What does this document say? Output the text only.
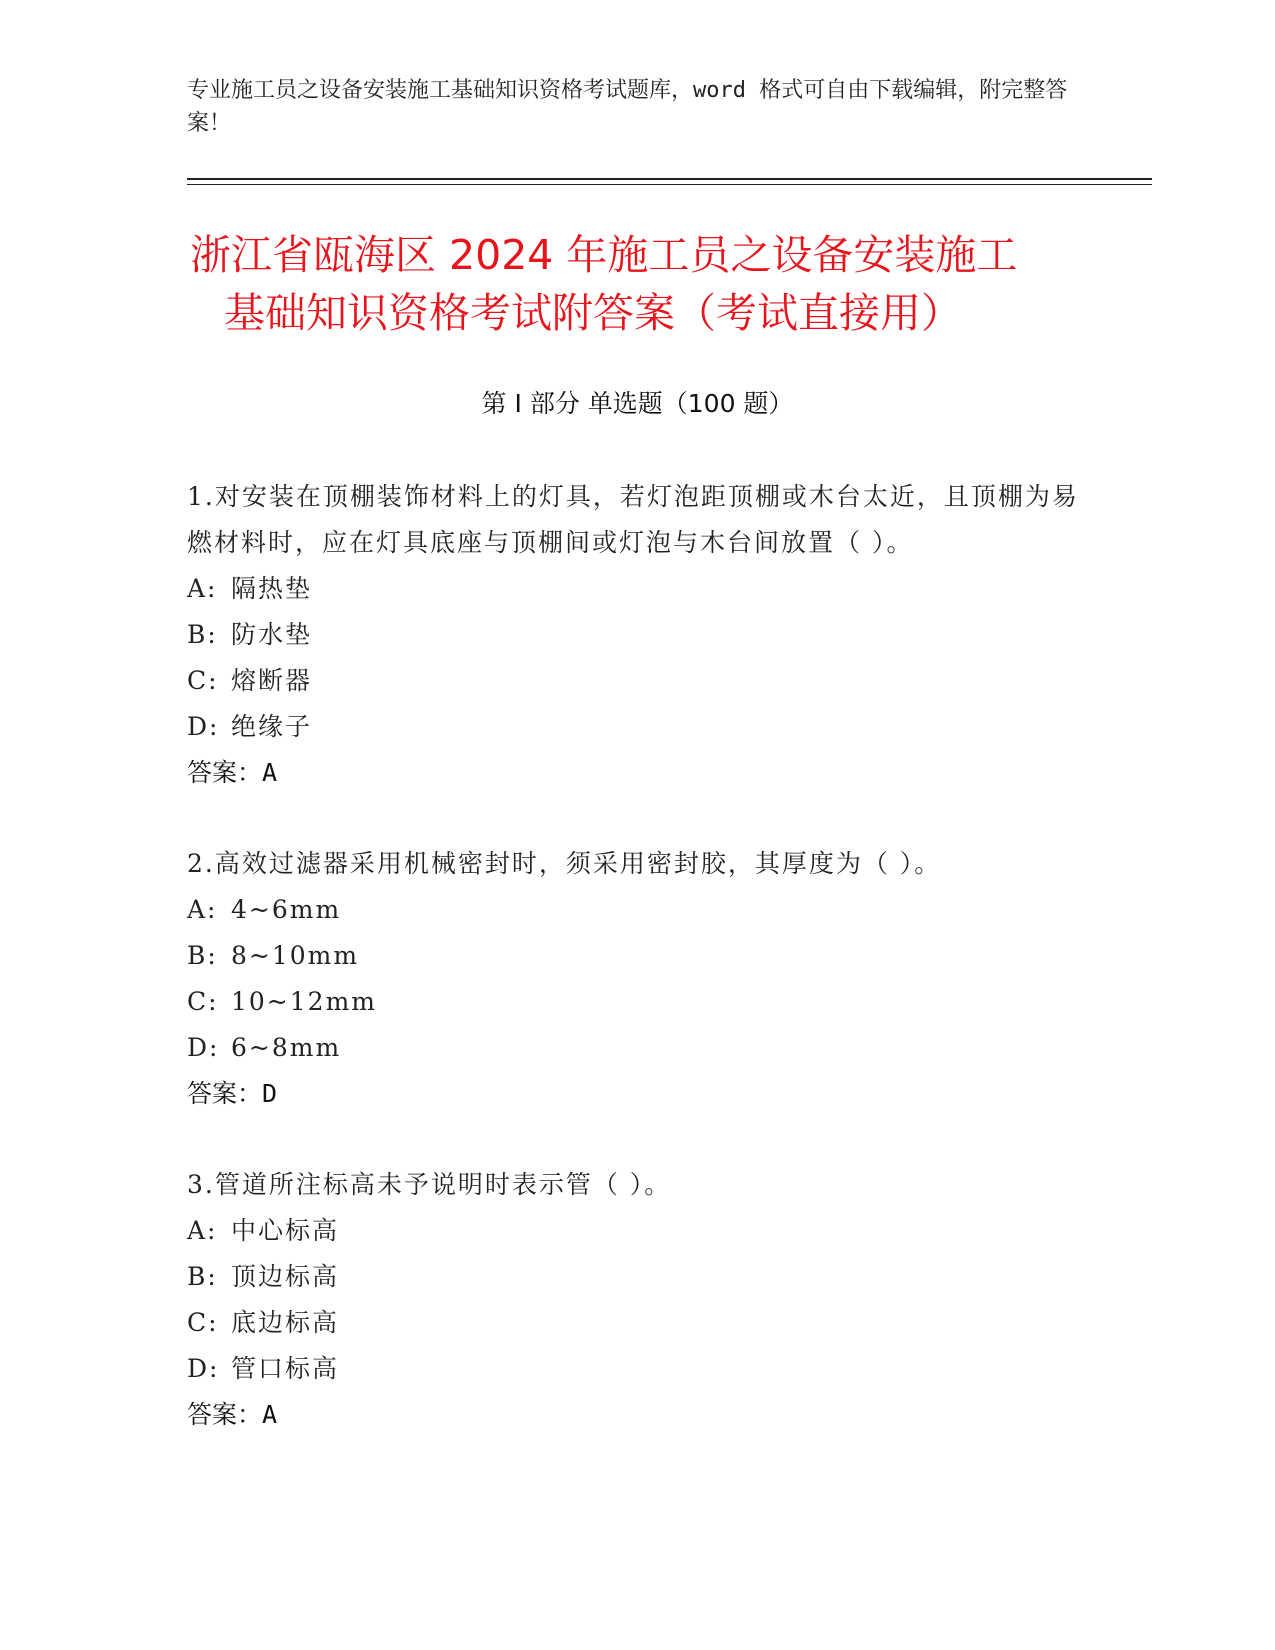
专业施工员之设备安装施工基础知识资格考试题库，word 格式可自由下载编辑，附完整答案！
浙江省瓯海区 2024 年施工员之设备安装施工
基础知识资格考试附答案（考试直接用）
第 I 部分 单选题（100 题）
1.对安装在顶棚装饰材料上的灯具，若灯泡距顶棚或木台太近，且顶棚为易燃材料时，应在灯具底座与顶棚间或灯泡与木台间放置（ ）。
A: 隔热垫
B: 防水垫
C: 熔断器
D: 绝缘子
答案：A
2.高效过滤器采用机械密封时，须采用密封胶，其厚度为（ ）。
A: 4~6mm
B: 8~10mm
C: 10~12mm
D: 6~8mm
答案：D
3.管道所注标高未予说明时表示管（ ）。
A: 中心标高
B: 顶边标高
C: 底边标高
D: 管口标高
答案：A
